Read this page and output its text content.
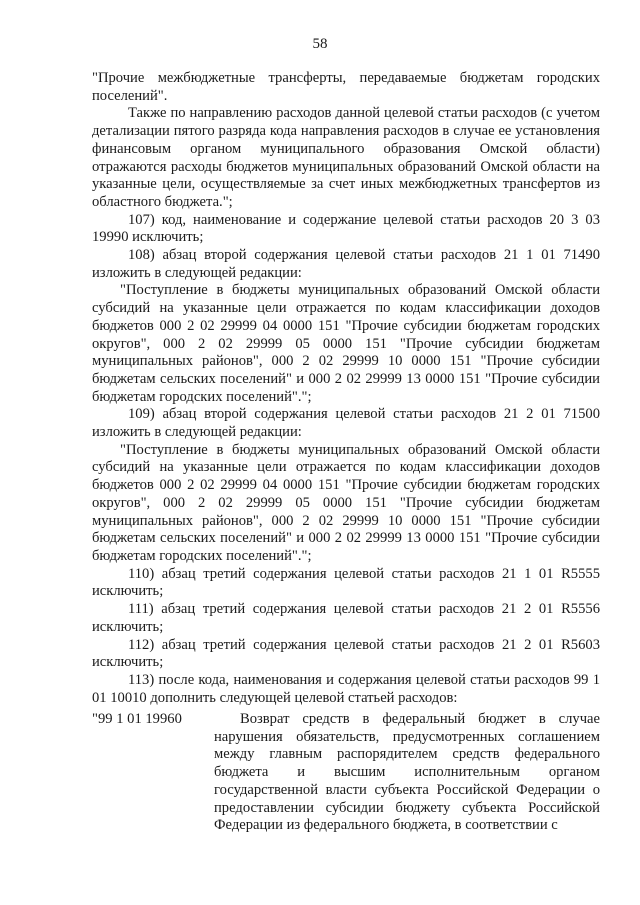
58

"Прочие межбюджетные трансферты, передаваемые бюджетам городских поселений".

Также по направлению расходов данной целевой статьи расходов (с учетом детализации пятого разряда кода направления расходов в случае ее установления финансовым органом муниципального образования Омской области) отражаются расходы бюджетов муниципальных образований Омской области на указанные цели, осуществляемые за счет иных межбюджетных трансфертов из областного бюджета.";

107) код, наименование и содержание целевой статьи расходов 20 3 03 19990 исключить;

108) абзац второй содержания целевой статьи расходов 21 1 01 71490 изложить в следующей редакции:

"Поступление в бюджеты муниципальных образований Омской области субсидий на указанные цели отражается по кодам классификации доходов бюджетов 000 2 02 29999 04 0000 151 "Прочие субсидии бюджетам городских округов", 000 2 02 29999 05 0000 151 "Прочие субсидии бюджетам муниципальных районов", 000 2 02 29999 10 0000 151 "Прочие субсидии бюджетам сельских поселений" и 000 2 02 29999 13 0000 151 "Прочие субсидии бюджетам городских поселений".";

109) абзац второй содержания целевой статьи расходов 21 2 01 71500 изложить в следующей редакции:

"Поступление в бюджеты муниципальных образований Омской области субсидий на указанные цели отражается по кодам классификации доходов бюджетов 000 2 02 29999 04 0000 151 "Прочие субсидии бюджетам городских округов", 000 2 02 29999 05 0000 151 "Прочие субсидии бюджетам муниципальных районов", 000 2 02 29999 10 0000 151 "Прочие субсидии бюджетам сельских поселений" и 000 2 02 29999 13 0000 151 "Прочие субсидии бюджетам городских поселений".";

110) абзац третий содержания целевой статьи расходов 21 1 01 R5555 исключить;

111) абзац третий содержания целевой статьи расходов 21 2 01 R5556 исключить;

112) абзац третий содержания целевой статьи расходов 21 2 01 R5603 исключить;

113) после кода, наименования и содержания целевой статьи расходов 99 1 01 10010 дополнить следующей целевой статьей расходов:

"99 1 01 19960	Возврат средств в федеральный бюджет в случае нарушения обязательств, предусмотренных соглашением между главным распорядителем средств федерального бюджета и высшим исполнительным органом государственной власти субъекта Российской Федерации о предоставлении субсидии бюджету субъекта Российской Федерации из федерального бюджета, в соответствии с
